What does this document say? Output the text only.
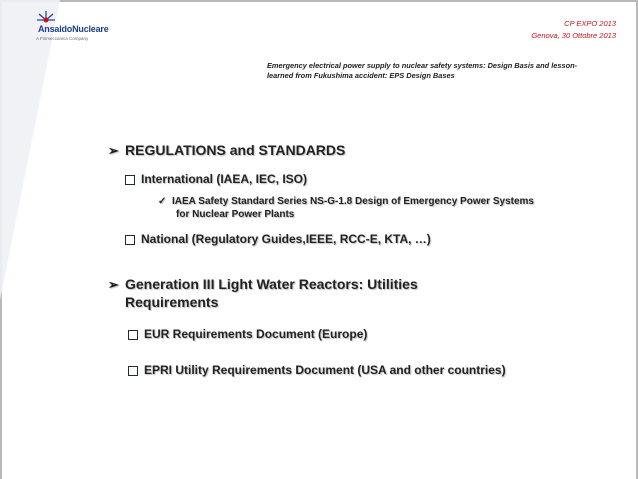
AnsaldoNucleare
A Finmeccanica Company
CP EXPO 2013
Genova, 30 Ottobre 2013
Emergency electrical power supply to nuclear safety systems: Design Basis and lesson-
learned from Fukushima accident: EPS Design Bases
➢ REGULATIONS and STANDARDS
International (IAEA, IEC, ISO)
✓ IAEA Safety Standard Series NS-G-1.8 Design of Emergency Power Systems
for Nuclear Power Plants
National (Regulatory Guides,IEEE, RCC-E, KTA, …)
➢ Generation III Light Water Reactors: Utilities
Requirements
EUR Requirements Document (Europe)
EPRI Utility Requirements Document (USA and other countries)
